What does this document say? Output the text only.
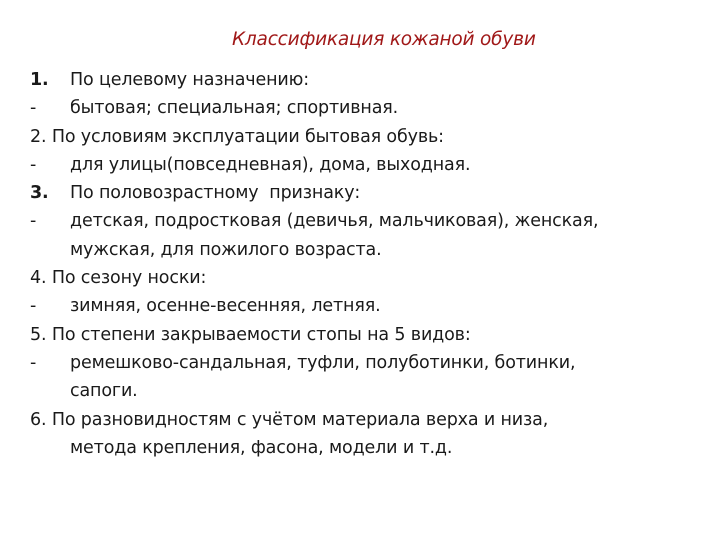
Классификация кожаной обуви
1. По целевому назначению:
- бытовая; специальная; спортивная.
2. По условиям эксплуатации бытовая обувь:
- для улицы(повседневная), дома, выходная.
3. По половозрастному  признаку:
- детская, подростковая (девичья, мальчиковая), женская,
мужская, для пожилого возраста.
4. По сезону носки:
- зимняя, осенне-весенняя, летняя.
5. По степени закрываемости стопы на 5 видов:
- ремешково-сандальная, туфли, полуботинки, ботинки,
сапоги.
6. По разновидностям с учётом материала верха и низа,
метода крепления, фасона, модели и т.д.
